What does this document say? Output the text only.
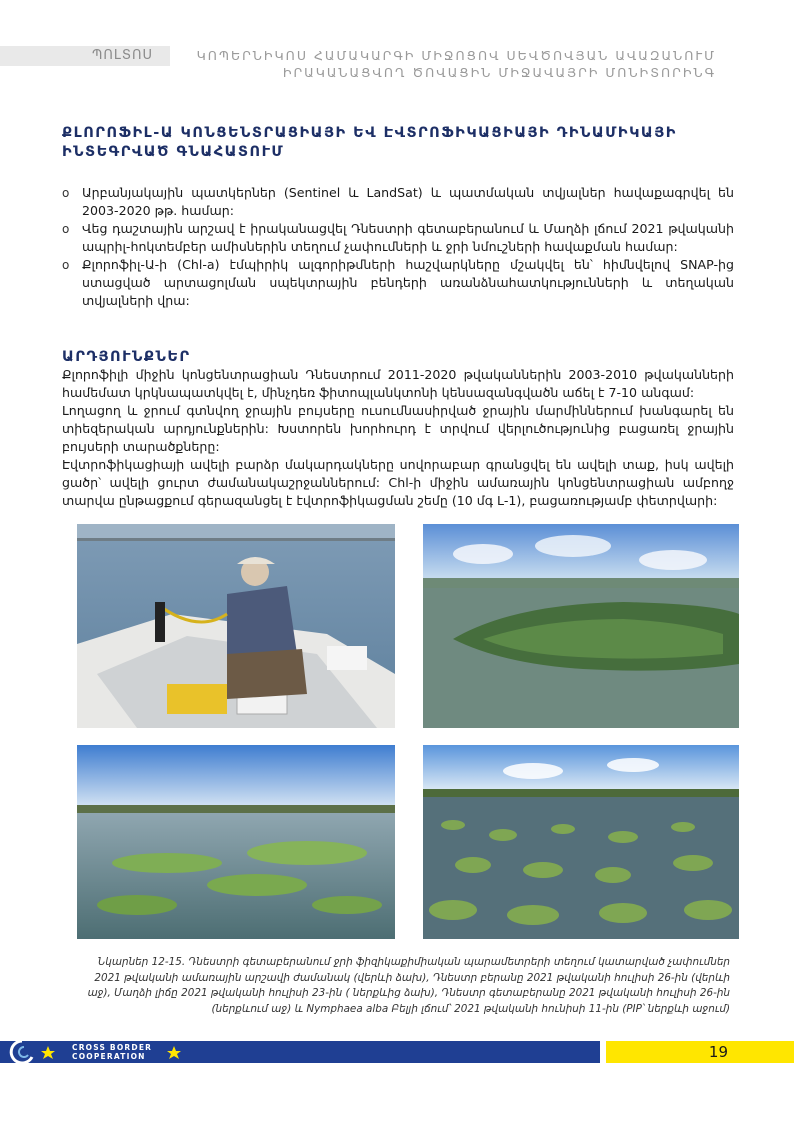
ՊՈԼՏՈՍ	ԿՈՊԵՐՆԻԿՈՍ ՀԱՄԱԿԱՐԳԻ ՄԻՋՈՑՈՎ ՍԵՎԾՈՎՅԱՆ ԱՎԱԶԱՆՈՒՄ
ԻՐԱԿԱՆԱՑՎՈՂ ԾՈՎԱՑԻՆ ՄԻՋԱՎԱՅՐԻ ՄՈՆԻՏՈՐԻՆԳ
ՔԼՈՐՈՖԻԼ-Ա ԿՈՆՑԵՆՏՐԱՑԻԱՅԻ ԵՎ ԷՎՏՐՈՖԻԿԱՑԻԱՅԻ ԴԻՆԱՄԻԿԱՅԻ ԻՆՏԵԳՐՎԱԾ ԳՆԱՀԱՏՈՒՄ
o Արբանյակային պատկերներ (Sentinel և LandSat) և պատմական տվյալներ հավաքագրվել են 2003-2020 թթ. համար:
o Վեց դաշտային արշավ է իրականացվել Դնեստրի գետաբերանում և Մաղձի լճում 2021 թվականի ապրիլ-հոկտեմբեր ամիսներին տեղում չափումների և ջրի նմուշների հավաքման համար:
o Քլորոֆիլ-Ա-ի (Chl-a) էմպիրիկ ալգորիթմների հաշվարկները մշակվել են՝ հիմնվելով SNAP-ից ստացված արտացոլման սպեկտրային բենդերի առանձնահատկությունների և տեղական տվյալների վրա:
ԱՐԴՅՈՒՆՔՆԵՐ

Քլորոֆիլի միջին կոնցենտրացիան Դնեստրում 2011-2020 թվականներին 2003-2010 թվականների համեմատ կրկնապատկվել է, մինչդեռ ֆիտոպլանկտոնի կենսազանգվածն աճել է 7-10 անգամ:

Լողացող և ջրում գտնվող ջրային բույսերը ուսումնասիրված ջրային մարմիններում խանգարել են տիեզերական արդյունքներին: Խստորեն խորհուրդ է տրվում վերլուծությունից բացառել ջրային բույսերի տարածքները:

Էվտրոֆիկացիայի ավելի բարձր մակարդակները սովորաբար գրանցվել են ավելի տաք, իսկ ավելի ցածր՝ ավելի ցուրտ ժամանակաշրջաններում: Chl-ի միջին ամառային կոնցենտրացիան ամբողջ տարվա ընթացքում գերազանցել է էվտրոֆիկացման շեմը (10 մգ L-1), բացառությամբ փետրվարի:

Նկարներ 12-15. Դնեստրի գետաբերանում ջրի ֆիզիկաքիմիական պարամետրերի տեղում կատարված չափումներ 2021 թվականի ամառային արշավի ժամանակ (վերևի ձախ), Դնեստր բերանը 2021 թվականի հուլիսի 26-ին (վերևի աջ), Մաղձի լիճը 2021 թվականի հուլիսի 23-ին ( ներքևից ձախ), Դնեստր գետաբերանը 2021 թվականի հուլիսի 26-ին (ներքևում աջ) և Nymphaea alba Բելյի լճում՝ 2021 թվականի հունիսի 11-ին (PIP՝ ներքևի աջում)
CROSS BORDER
COOPERATION	19
